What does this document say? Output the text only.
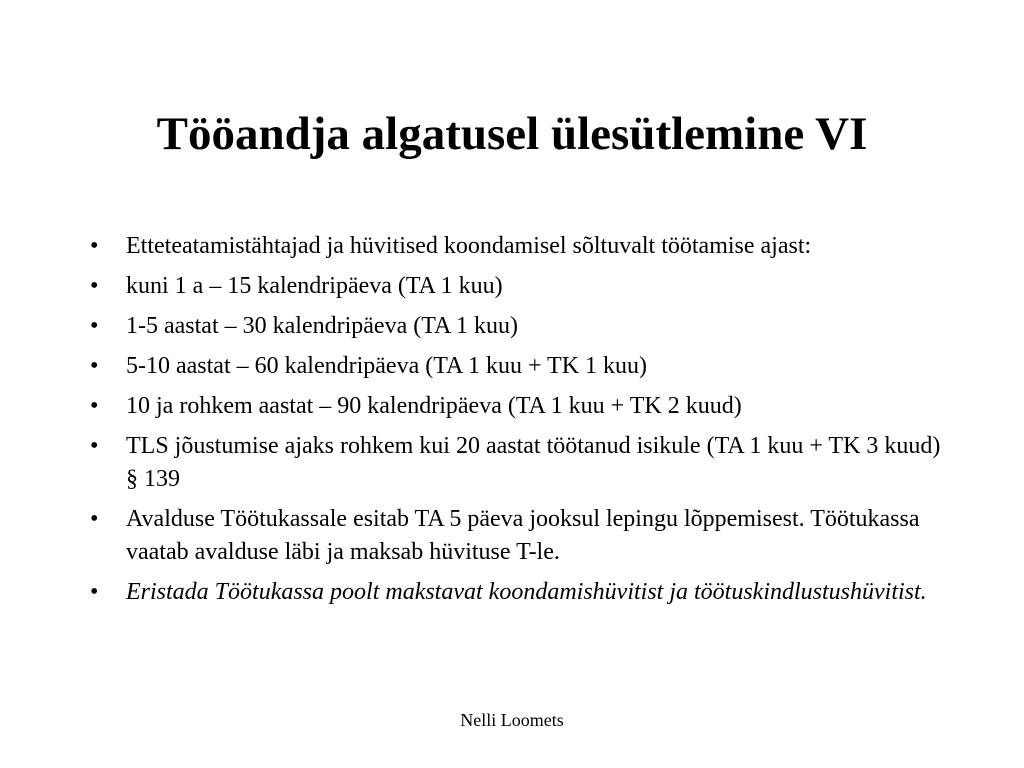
Tööandja algatusel ülesütlemine VI
• Etteteatamistähtajad ja hüvitised koondamisel sõltuvalt töötamise ajast:
• kuni 1 a – 15 kalendripäeva (TA 1 kuu)
• 1-5 aastat – 30 kalendripäeva (TA 1 kuu)
• 5-10 aastat – 60 kalendripäeva (TA 1 kuu + TK 1 kuu)
• 10 ja rohkem aastat – 90 kalendripäeva (TA 1 kuu + TK 2 kuud)
• TLS jõustumise ajaks rohkem kui 20 aastat töötanud isikule (TA 1 kuu + TK 3 kuud) § 139
• Avalduse Töötukassale esitab TA 5 päeva jooksul lepingu lõppemisest. Töötukassa vaatab avalduse läbi ja maksab hüvituse T-le.
• Eristada Töötukassa poolt makstavat koondamishüvitist ja töötuskindlustushüvitist.
Nelli Loomets
